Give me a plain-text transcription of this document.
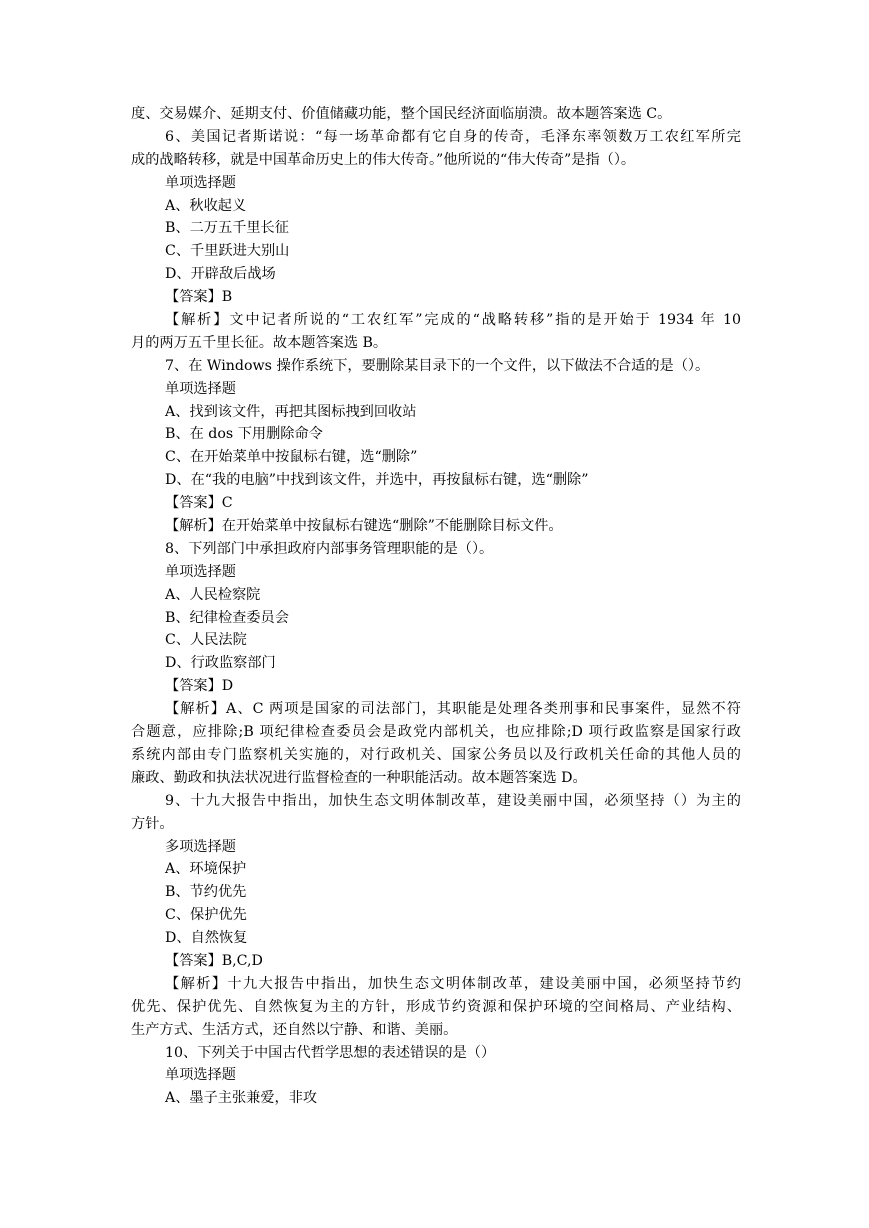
度、交易媒介、延期支付、价值储藏功能，整个国民经济面临崩溃。故本题答案选 C。
6、美国记者斯诺说：“每一场革命都有它自身的传奇，毛泽东率领数万工农红军所完
成的战略转移，就是中国革命历史上的伟大传奇。”他所说的“伟大传奇”是指（）。
单项选择题
A、秋收起义
B、二万五千里长征
C、千里跃进大别山
D、开辟敌后战场
【答案】B
【解析】文中记者所说的“工农红军”完成的“战略转移”指的是开始于 1934 年 10
月的两万五千里长征。故本题答案选 B。
7、在 Windows 操作系统下，要删除某目录下的一个文件，以下做法不合适的是（）。
单项选择题
A、找到该文件，再把其图标拽到回收站
B、在 dos 下用删除命令
C、在开始菜单中按鼠标右键，选“删除”
D、在“我的电脑”中找到该文件，并选中，再按鼠标右键，选“删除”
【答案】C
【解析】在开始菜单中按鼠标右键选“删除”不能删除目标文件。
8、下列部门中承担政府内部事务管理职能的是（）。
单项选择题
A、人民检察院
B、纪律检查委员会
C、人民法院
D、行政监察部门
【答案】D
【解析】A、C 两项是国家的司法部门，其职能是处理各类刑事和民事案件，显然不符
合题意，应排除;B 项纪律检查委员会是政党内部机关，也应排除;D 项行政监察是国家行政
系统内部由专门监察机关实施的，对行政机关、国家公务员以及行政机关任命的其他人员的
廉政、勤政和执法状况进行监督检查的一种职能活动。故本题答案选 D。
9、十九大报告中指出，加快生态文明体制改革，建设美丽中国，必须坚持（）为主的
方针。
多项选择题
A、环境保护
B、节约优先
C、保护优先
D、自然恢复
【答案】B,C,D
【解析】十九大报告中指出，加快生态文明体制改革，建设美丽中国，必须坚持节约
优先、保护优先、自然恢复为主的方针，形成节约资源和保护环境的空间格局、产业结构、
生产方式、生活方式，还自然以宁静、和谐、美丽。
10、下列关于中国古代哲学思想的表述错误的是（）
单项选择题
A、墨子主张兼爱，非攻
